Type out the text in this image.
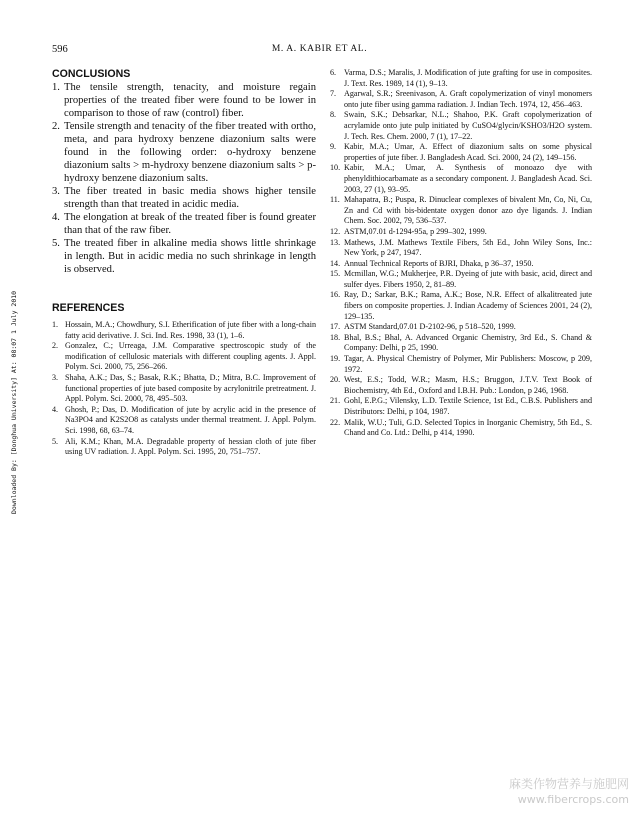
596	M. A. KABIR ET AL.
Downloaded By: [Donghua University] At: 08:07 1 July 2010
CONCLUSIONS
1. The tensile strength, tenacity, and moisture regain properties of the treated fiber were found to be lower in comparison to those of raw (control) fiber.
2. Tensile strength and tenacity of the fiber treated with ortho, meta, and para hydroxy benzene diazonium salts were found in the following order: o-hydroxy benzene diazonium salts > m-hydroxy benzene diazonium salts > p-hydroxy benzene diazonium salts.
3. The fiber treated in basic media shows higher tensile strength than that treated in acidic media.
4. The elongation at break of the treated fiber is found greater than that of the raw fiber.
5. The treated fiber in alkaline media shows little shrinkage in length. But in acidic media no such shrinkage in length is observed.
REFERENCES
1. Hossain, M.A.; Chowdhury, S.I. Etherification of jute fiber with a long-chain fatty acid derivative. J. Sci. Ind. Res. 1998, 33 (1), 1–6.
2. Gonzalez, C.; Urreaga, J.M. Comparative spectroscopic study of the modification of cellulosic materials with different coupling agents. J. Appl. Polym. Sci. 2000, 75, 256–266.
3. Shaha, A.K.; Das, S.; Basak, R.K.; Bhatta, D.; Mitra, B.C. Improvement of functional properties of jute based composite by acrylonitrile pretreatment. J. Appl. Polym. Sci. 2000, 78, 495–503.
4. Ghosh, P.; Das, D. Modification of jute by acrylic acid in the presence of Na3PO4 and K2S2O8 as catalysts under thermal treatment. J. Appl. Polym. Sci. 1998, 68, 63–74.
5. Ali, K.M.; Khan, M.A. Degradable property of hessian cloth of jute fiber using UV radiation. J. Appl. Polym. Sci. 1995, 20, 751–757.
6. Varma, D.S.; Maralis, J. Modification of jute grafting for use in composites. J. Text. Res. 1989, 14 (1), 9–13.
7. Agarwal, S.R.; Sreenivason, A. Graft copolymerization of vinyl monomers onto jute fiber using gamma radiation. J. Indian Tech. 1974, 12, 456–463.
8. Swain, S.K.; Debsarkar, N.L.; Shahoo, P.K. Graft copolymerization of acrylamide onto jute pulp initiated by CuSO4/glycin/KSHO3/H2O system. J. Tech. Res. Chem. 2000, 7 (1), 17–22.
9. Kabir, M.A.; Umar, A. Effect of diazonium salts on some physical properties of jute fiber. J. Bangladesh Acad. Sci. 2000, 24 (2), 149–156.
10. Kabir, M.A.; Umar, A. Synthesis of monoazo dye with phenyldithiocarbamate as a secondary component. J. Bangladesh Acad. Sci. 2003, 27 (1), 93–95.
11. Mahapatra, B.; Puspa, R. Dinuclear complexes of bivalent Mn, Co, Ni, Cu, Zn and Cd with bis-bidentate oxygen donor azo dye ligands. J. Indian Chem. Soc. 2002, 79, 536–537.
12. ASTM,07.01 d-1294-95a, p 299–302, 1999.
13. Mathews, J.M. Mathews Textile Fibers, 5th Ed., John Wiley Sons, Inc.: New York, p 247, 1947.
14. Annual Technical Reports of BJRI, Dhaka, p 36–37, 1950.
15. Mcmillan, W.G.; Mukherjee, P.R. Dyeing of jute with basic, acid, direct and sulfer dyes. Fibers 1950, 2, 81–89.
16. Ray, D.; Sarkar, B.K.; Rama, A.K.; Bose, N.R. Effect of alkalitreated jute fibers on composite properties. J. Indian Academy of Sciences 2001, 24 (2), 129–135.
17. ASTM Standard,07.01 D-2102-96, p 518–520, 1999.
18. Bhal, B.S.; Bhal, A. Advanced Organic Chemistry, 3rd Ed., S. Chand & Company: Delhi, p 25, 1990.
19. Tagar, A. Physical Chemistry of Polymer, Mir Publishers: Moscow, p 209, 1972.
20. West, E.S.; Todd, W.R.; Masm, H.S.; Bruggon, J.T.V. Text Book of Biochemistry, 4th Ed., Oxford and I.B.H. Pub.: London, p 246, 1968.
21. Gohl, E.P.G.; Vilensky, L.D. Textile Science, 1st Ed., C.B.S. Publishers and Distributors: Delhi, p 104, 1987.
22. Malik, W.U.; Tuli, G.D. Selected Topics in Inorganic Chemistry, 5th Ed., S. Chand and Co. Ltd.: Delhi, p 414, 1990.
麻类作物营养与施肥网
www.fibercrops.com
